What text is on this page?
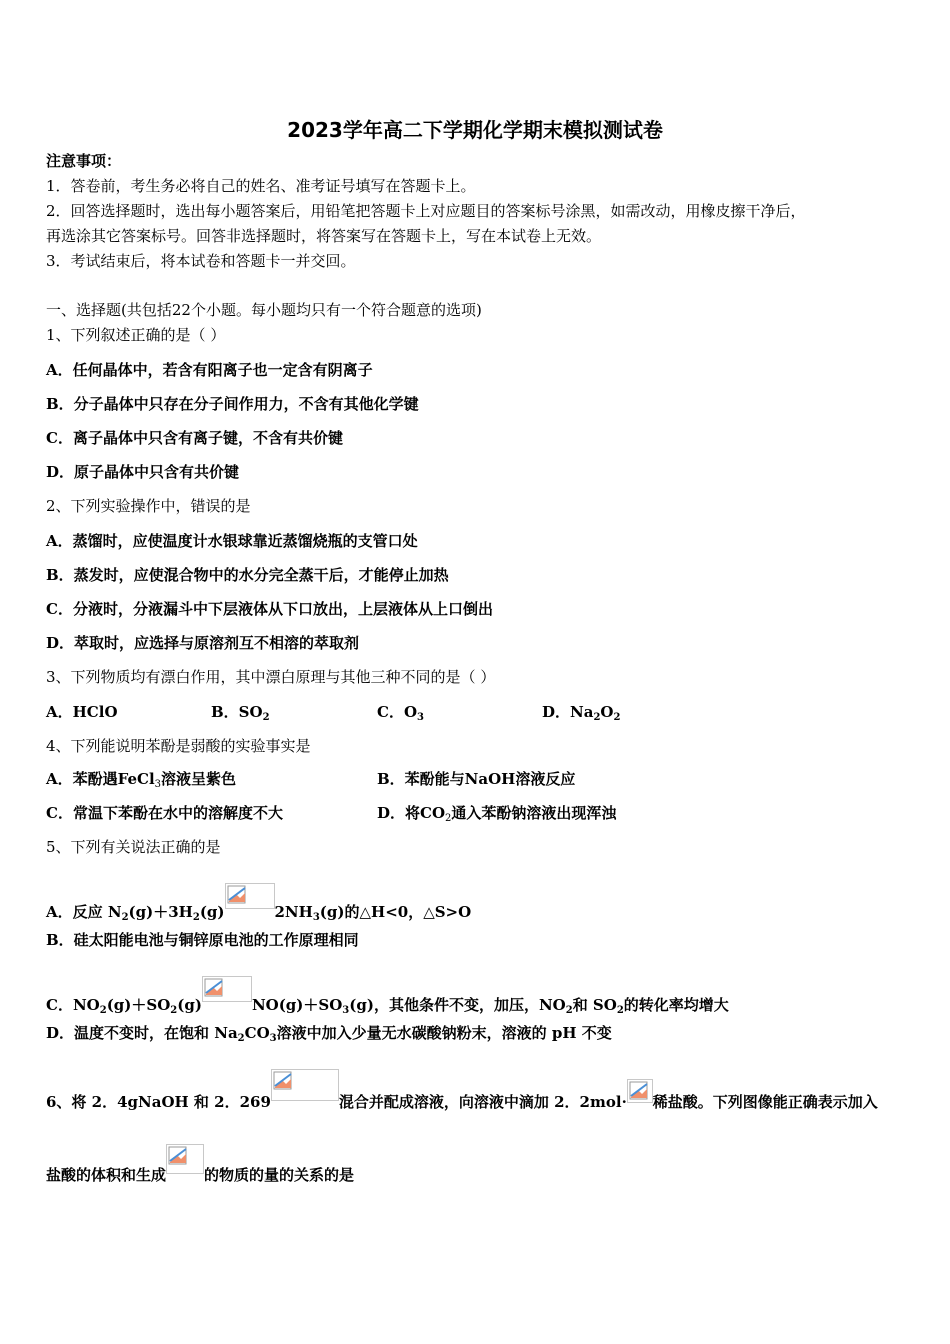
2023学年高二下学期化学期末模拟测试卷
注意事项：
1．答卷前，考生务必将自己的姓名、准考证号填写在答题卡上。
2．回答选择题时，选出每小题答案后，用铅笔把答题卡上对应题目的答案标号涂黑，如需改动，用橡皮擦干净后，
再选涂其它答案标号。回答非选择题时，将答案写在答题卡上，写在本试卷上无效。
3．考试结束后，将本试卷和答题卡一并交回。
一、选择题(共包括22个小题。每小题均只有一个符合题意的选项)
1、下列叙述正确的是（ ）
A．任何晶体中，若含有阳离子也一定含有阴离子
B．分子晶体中只存在分子间作用力，不含有其他化学键
C．离子晶体中只含有离子键，不含有共价键
D．原子晶体中只含有共价键
2、下列实验操作中，错误的是
A．蒸馏时，应使温度计水银球靠近蒸馏烧瓶的支管口处
B．蒸发时，应使混合物中的水分完全蒸干后，才能停止加热
C．分液时，分液漏斗中下层液体从下口放出，上层液体从上口倒出
D．萃取时，应选择与原溶剂互不相溶的萃取剂
3、下列物质均有漂白作用，其中漂白原理与其他三种不同的是（ ）
A．HClO	B．$SO_2$	C．$O_3$	D．$Na_2O_2$
4、下列能说明苯酚是弱酸的实验事实是
A．苯酚遇FeCl$_3$溶液呈紫色	B．苯酚能与NaOH溶液反应
C．常温下苯酚在水中的溶解度不大	D．将$CO_2$通入苯酚钠溶液出现浑浊
5、下列有关说法正确的是
A．反应 $N_2(g)+3H_2(g)$	$2NH_3(g)$的△H<0，△S>O
B．硅太阳能电池与铜锌原电池的工作原理相同
C．$NO_2(g)+SO_2(g)$	$NO(g)+SO_3(g)$，其他条件不变，加压，$NO_2$和 $SO_2$的转化率均增大
D．温度不变时，在饱和 $Na_2CO_3$溶液中加入少量无水碳酸钠粉末，溶液的 pH 不变
6、将 2．4gNaOH 和 2．269	混合并配成溶液，向溶液中滴加 2．2mol· 稀盐酸。下列图像能正确表示加入
盐酸的体积和生成	的物质的量的关系的是
